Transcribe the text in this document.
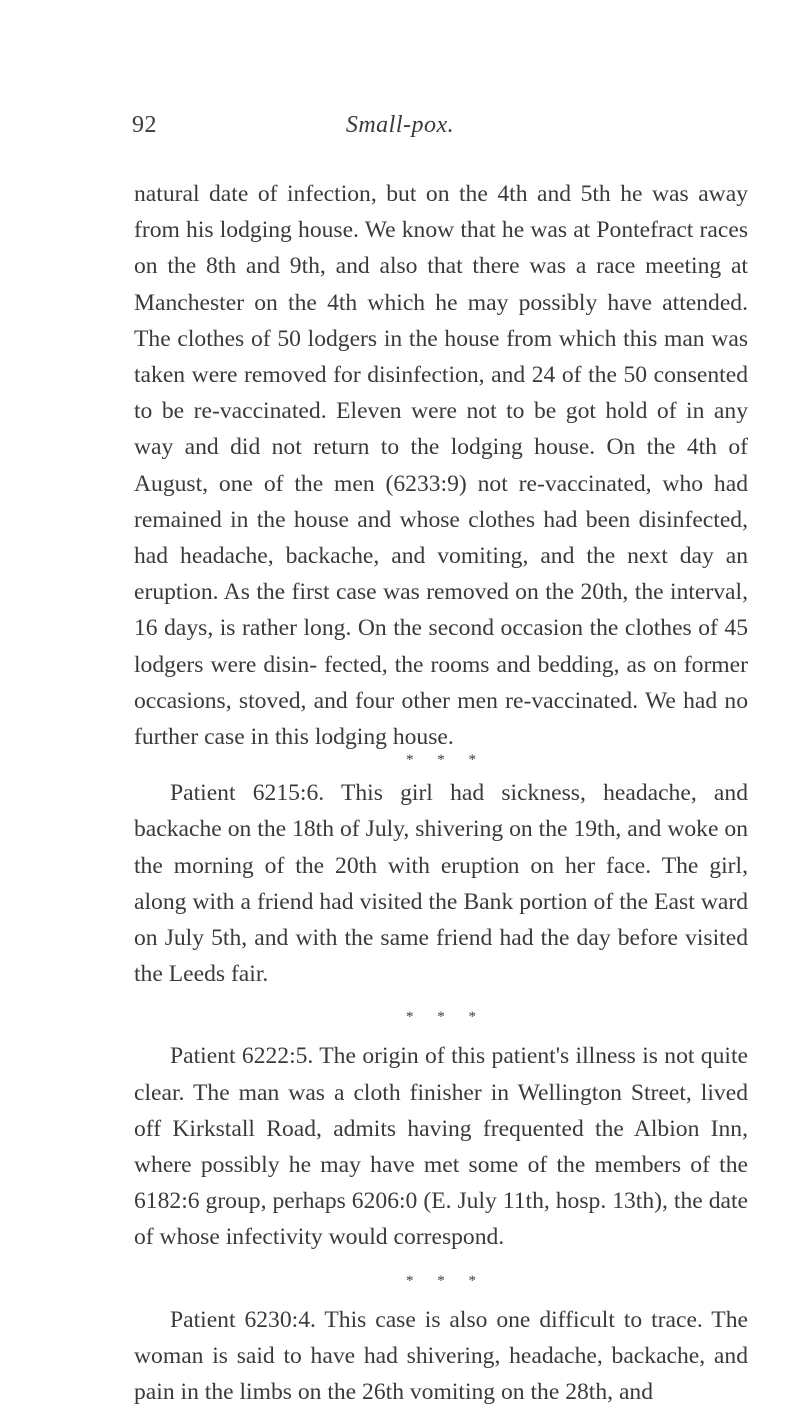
92	Small-pox.

natural date of infection, but on the 4th and 5th he was away from his lodging house. We know that he was at Pontefract races on the 8th and 9th, and also that there was a race meeting at Manchester on the 4th which he may possibly have attended. The clothes of 50 lodgers in the house from which this man was taken were removed for disinfection, and 24 of the 50 consented to be re-vaccinated. Eleven were not to be got hold of in any way and did not return to the lodging house. On the 4th of August, one of the men (6233:9) not re-vaccinated, who had remained in the house and whose clothes had been disinfected, had headache, backache, and vomiting, and the next day an eruption. As the first case was removed on the 20th, the interval, 16 days, is rather long. On the second occasion the clothes of 45 lodgers were disin- fected, the rooms and bedding, as on former occasions, stoved, and four other men re-vaccinated. We had no further case in this lodging house.

* * *

Patient 6215:6. This girl had sickness, headache, and backache on the 18th of July, shivering on the 19th, and woke on the morning of the 20th with eruption on her face. The girl, along with a friend had visited the Bank portion of the East ward on July 5th, and with the same friend had the day before visited the Leeds fair.

* * *

Patient 6222:5. The origin of this patient's illness is not quite clear. The man was a cloth finisher in Wellington Street, lived off Kirkstall Road, admits having frequented the Albion Inn, where possibly he may have met some of the members of the 6182:6 group, perhaps 6206:0 (E. July 11th, hosp. 13th), the date of whose infectivity would correspond.

* * *

Patient 6230:4. This case is also one difficult to trace. The woman is said to have had shivering, headache, backache, and pain in the limbs on the 26th vomiting on the 28th, and
